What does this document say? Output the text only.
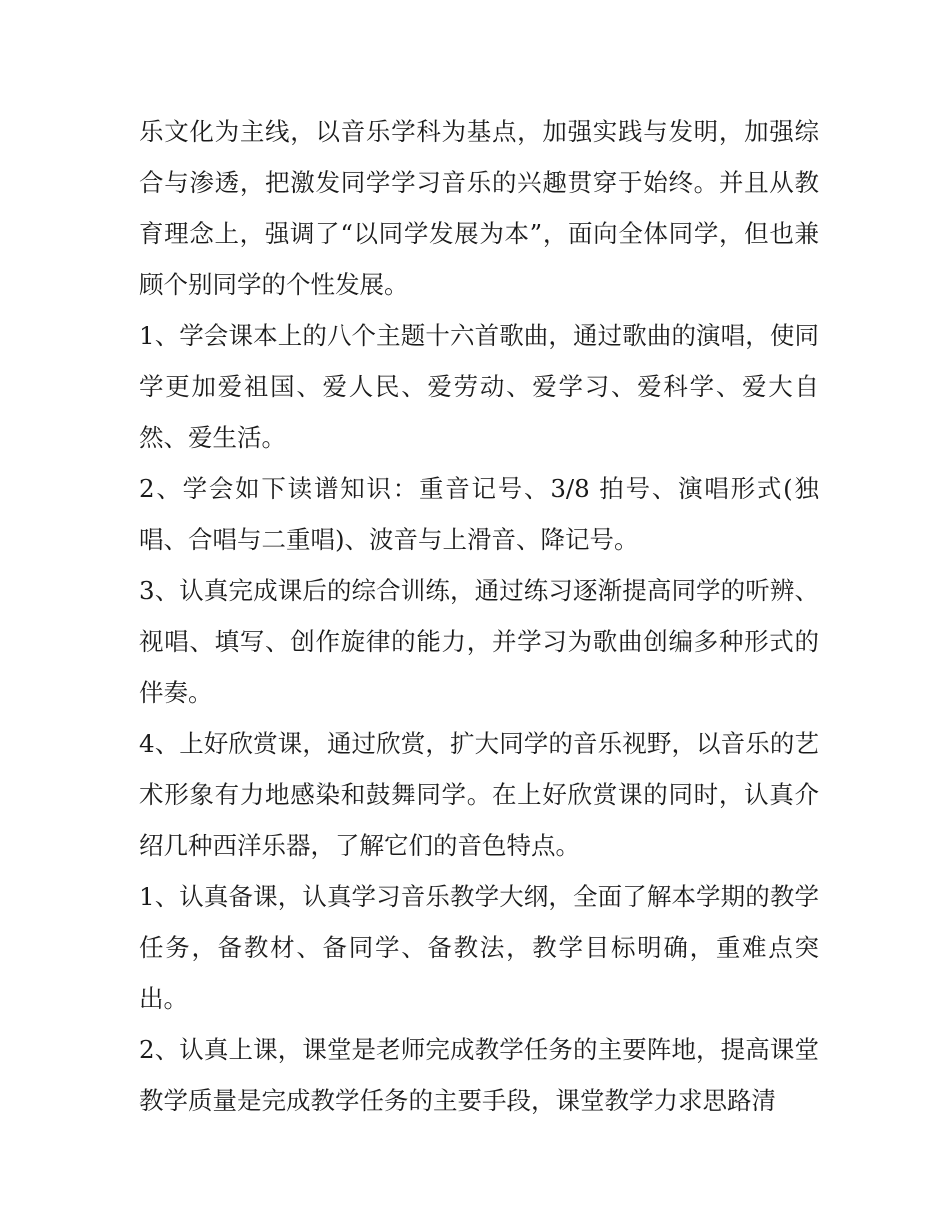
乐文化为主线，以音乐学科为基点，加强实践与发明，加强综合与渗透，把激发同学学习音乐的兴趣贯穿于始终。并且从教育理念上，强调了“以同学发展为本”，面向全体同学，但也兼顾个别同学的个性发展。

1、学会课本上的八个主题十六首歌曲，通过歌曲的演唱，使同学更加爱祖国、爱人民、爱劳动、爱学习、爱科学、爱大自然、爱生活。

2、学会如下读谱知识：重音记号、3/8 拍号、演唱形式(独唱、合唱与二重唱)、波音与上滑音、降记号。

3、认真完成课后的综合训练，通过练习逐渐提高同学的听辨、视唱、填写、创作旋律的能力，并学习为歌曲创编多种形式的伴奏。

4、上好欣赏课，通过欣赏，扩大同学的音乐视野，以音乐的艺术形象有力地感染和鼓舞同学。在上好欣赏课的同时，认真介绍几种西洋乐器，了解它们的音色特点。

1、认真备课，认真学习音乐教学大纲，全面了解本学期的教学任务，备教材、备同学、备教法，教学目标明确，重难点突出。

2、认真上课，课堂是老师完成教学任务的主要阵地，提高课堂教学质量是完成教学任务的主要手段，课堂教学力求思路清
